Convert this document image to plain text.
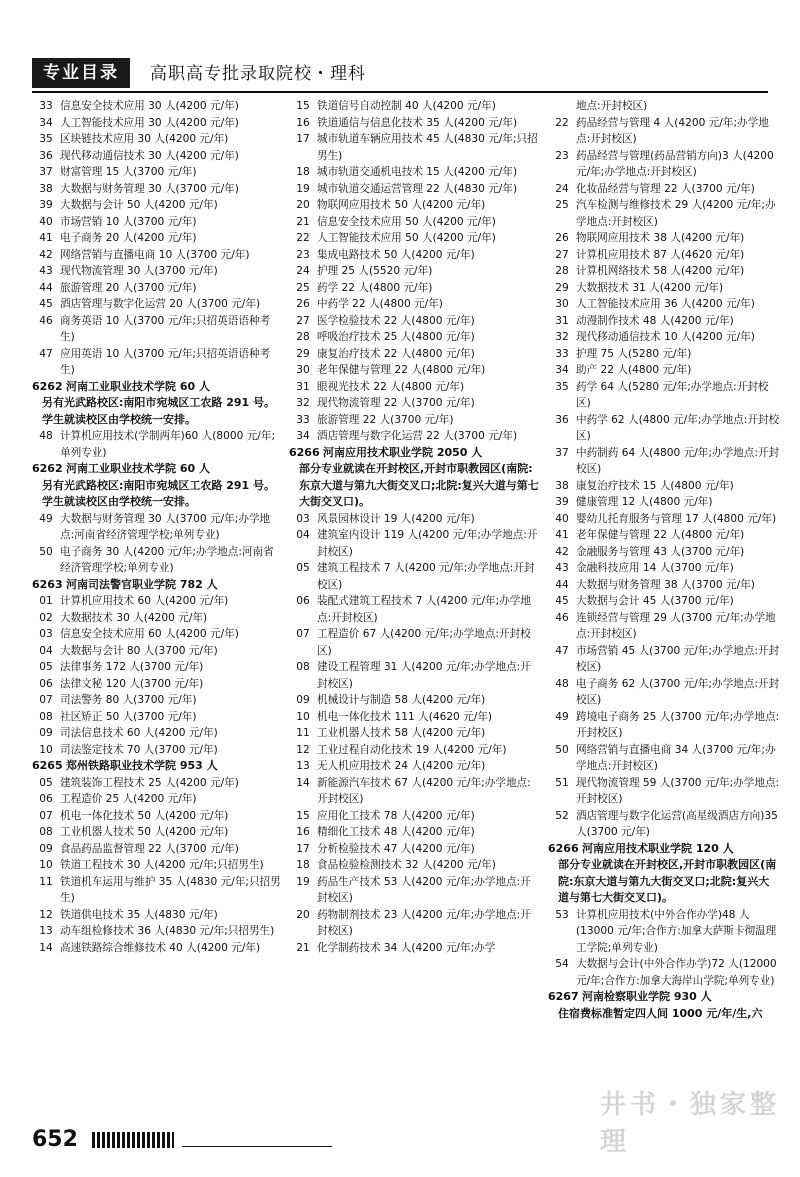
专业目录	高职高专批录取院校・理科
33 信息安全技术应用 30 人(4200 元/年)
34 人工智能技术应用 30 人(4200 元/年)
35 区块链技术应用 30 人(4200 元/年)
36 现代移动通信技术 30 人(4200 元/年)
37 财富管理 15 人(3700 元/年)
38 大数据与财务管理 30 人(3700 元/年)
39 大数据与会计 50 人(4200 元/年)
40 市场营销 10 人(3700 元/年)
41 电子商务 20 人(4200 元/年)
42 网络营销与直播电商 10 人(3700 元/年)
43 现代物流管理 30 人(3700 元/年)
44 旅游管理 20 人(3700 元/年)
45 酒店管理与数字化运营 20 人(3700 元/年)
46 商务英语 10 人(3700 元/年;只招英语语种考生)
47 应用英语 10 人(3700 元/年;只招英语语种考生)
6262 河南工业职业技术学院 60 人
另有光武路校区:南阳市宛城区工农路 291 号。学生就读校区由学校统一安排。
48 计算机应用技术(学制两年)60 人(8000 元/年;单列专业)
6262 河南工业职业技术学院 60 人
另有光武路校区:南阳市宛城区工农路 291 号。学生就读校区由学校统一安排。
49 大数据与财务管理 30 人(3700 元/年;办学地点:河南省经济管理学校;单列专业)
50 电子商务 30 人(4200 元/年;办学地点:河南省经济管理学校;单列专业)
6263 河南司法警官职业学院 782 人
01 计算机应用技术 60 人(4200 元/年)
02 大数据技术 30 人(4200 元/年)
03 信息安全技术应用 60 人(4200 元/年)
04 大数据与会计 80 人(3700 元/年)
05 法律事务 172 人(3700 元/年)
06 法律文秘 120 人(3700 元/年)
07 司法警务 80 人(3700 元/年)
08 社区矫正 50 人(3700 元/年)
09 司法信息技术 60 人(4200 元/年)
10 司法鉴定技术 70 人(3700 元/年)
6265 郑州铁路职业技术学院 953 人
05 建筑装饰工程技术 25 人(4200 元/年)
06 工程造价 25 人(4200 元/年)
07 机电一体化技术 50 人(4200 元/年)
08 工业机器人技术 50 人(4200 元/年)
09 食品药品监督管理 22 人(3700 元/年)
10 铁道工程技术 30 人(4200 元/年;只招男生)
11 铁道机车运用与维护 35 人(4830 元/年;只招男生)
12 铁道供电技术 35 人(4830 元/年)
13 动车组检修技术 36 人(4830 元/年;只招男生)
14 高速铁路综合维修技术 40 人(4200 元/年)
15 铁道信号自动控制 40 人(4200 元/年)
16 铁道通信与信息化技术 35 人(4200 元/年)
17 城市轨道车辆应用技术 45 人(4830 元/年;只招男生)
18 城市轨道交通机电技术 15 人(4200 元/年)
19 城市轨道交通运营管理 22 人(4830 元/年)
20 物联网应用技术 50 人(4200 元/年)
21 信息安全技术应用 50 人(4200 元/年)
22 人工智能技术应用 50 人(4200 元/年)
23 集成电路技术 50 人(4200 元/年)
24 护理 25 人(5520 元/年)
25 药学 22 人(4800 元/年)
26 中药学 22 人(4800 元/年)
27 医学检验技术 22 人(4800 元/年)
28 呼吸治疗技术 25 人(4800 元/年)
29 康复治疗技术 22 人(4800 元/年)
30 老年保健与管理 22 人(4800 元/年)
31 眼视光技术 22 人(4800 元/年)
32 现代物流管理 22 人(3700 元/年)
33 旅游管理 22 人(3700 元/年)
34 酒店管理与数字化运营 22 人(3700 元/年)
6266 河南应用技术职业学院 2050 人
部分专业就读在开封校区,开封市职教园区(南院:东京大道与第九大街交叉口;北院:复兴大道与第七大街交叉口)。
03 风景园林设计 19 人(4200 元/年)
04 建筑室内设计 119 人(4200 元/年;办学地点:开封校区)
05 建筑工程技术 7 人(4200 元/年;办学地点:开封校区)
06 装配式建筑工程技术 7 人(4200 元/年;办学地点:开封校区)
07 工程造价 67 人(4200 元/年;办学地点:开封校区)
08 建设工程管理 31 人(4200 元/年;办学地点:开封校区)
09 机械设计与制造 58 人(4200 元/年)
10 机电一体化技术 111 人(4620 元/年)
11 工业机器人技术 58 人(4200 元/年)
12 工业过程自动化技术 19 人(4200 元/年)
13 无人机应用技术 24 人(4200 元/年)
14 新能源汽车技术 67 人(4200 元/年;办学地点:开封校区)
15 应用化工技术 78 人(4200 元/年)
16 精细化工技术 48 人(4200 元/年)
17 分析检验技术 47 人(4200 元/年)
18 食品检验检测技术 32 人(4200 元/年)
19 药品生产技术 53 人(4200 元/年;办学地点:开封校区)
20 药物制剂技术 23 人(4200 元/年;办学地点:开封校区)
21 化学制药技术 34 人(4200 元/年;办学
地点:开封校区)
22 药品经营与管理 4 人(4200 元/年;办学地点:开封校区)
23 药品经营与管理(药品营销方向)3 人(4200 元/年;办学地点:开封校区)
24 化妆品经营与管理 22 人(3700 元/年)
25 汽车检测与维修技术 29 人(4200 元/年;办学地点:开封校区)
26 物联网应用技术 38 人(4200 元/年)
27 计算机应用技术 87 人(4620 元/年)
28 计算机网络技术 58 人(4200 元/年)
29 大数据技术 31 人(4200 元/年)
30 人工智能技术应用 36 人(4200 元/年)
31 动漫制作技术 48 人(4200 元/年)
32 现代移动通信技术 10 人(4200 元/年)
33 护理 75 人(5280 元/年)
34 助产 22 人(4800 元/年)
35 药学 64 人(5280 元/年;办学地点:开封校区)
36 中药学 62 人(4800 元/年;办学地点:开封校区)
37 中药制药 64 人(4800 元/年;办学地点:开封校区)
38 康复治疗技术 15 人(4800 元/年)
39 健康管理 12 人(4800 元/年)
40 婴幼儿托育服务与管理 17 人(4800 元/年)
41 老年保健与管理 22 人(4800 元/年)
42 金融服务与管理 43 人(3700 元/年)
43 金融科技应用 14 人(3700 元/年)
44 大数据与财务管理 38 人(3700 元/年)
45 大数据与会计 45 人(3700 元/年)
46 连锁经营与管理 29 人(3700 元/年;办学地点:开封校区)
47 市场营销 45 人(3700 元/年;办学地点:开封校区)
48 电子商务 62 人(3700 元/年;办学地点:开封校区)
49 跨境电子商务 25 人(3700 元/年;办学地点:开封校区)
50 网络营销与直播电商 34 人(3700 元/年;办学地点:开封校区)
51 现代物流管理 59 人(3700 元/年;办学地点:开封校区)
52 酒店管理与数字化运营(高星级酒店方向)35 人(3700 元/年)
6266 河南应用技术职业学院 120 人
部分专业就读在开封校区,开封市职教园区(南院:东京大道与第九大街交叉口;北院:复兴大道与第七大街交叉口)。
53 计算机应用技术(中外合作办学)48 人(13000 元/年;合作方:加拿大萨斯卡彻温理工学院;单列专业)
54 大数据与会计(中外合作办学)72 人(12000 元/年;合作方:加拿大海岸山学院;单列专业)
6267 河南检察职业学院 930 人
住宿费标准暂定四人间 1000 元/年/生,六
井书・独家整理
652
